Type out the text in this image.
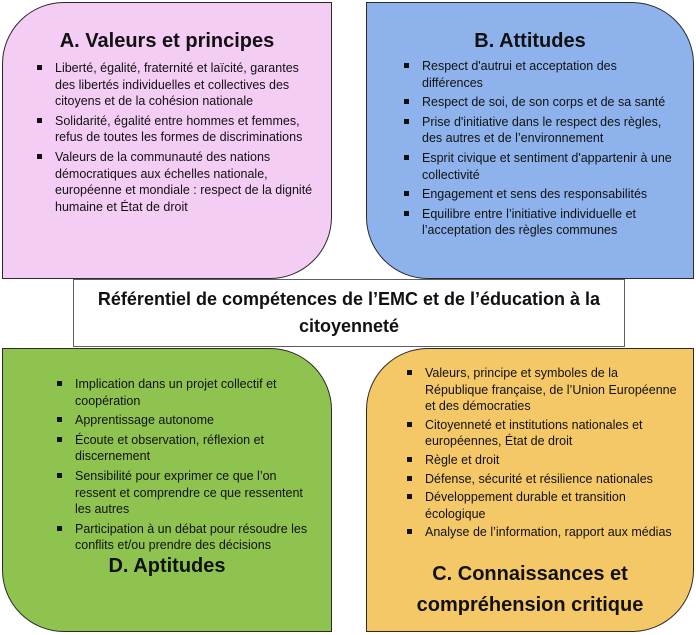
A. Valeurs et principes
Liberté, égalité, fraternité et laïcité, garantes des libertés individuelles et collectives des citoyens et de la cohésion nationale
Solidarité, égalité entre hommes et femmes, refus de toutes les formes de discriminations
Valeurs de la communauté des nations démocratiques aux échelles nationale, européenne et mondiale : respect de la dignité humaine et État de droit
B. Attitudes
Respect d'autrui et acceptation des différences
Respect de soi, de son corps et de sa santé
Prise d'initiative dans le respect des règles, des autres et de l’environnement
Esprit civique et sentiment d'appartenir à une collectivité
Engagement et sens des responsabilités
Equilibre entre l’initiative individuelle et l’acceptation des règles communes
Implication dans un projet collectif et coopération
Apprentissage autonome
Écoute et observation, réflexion et discernement
Sensibilité pour exprimer ce que l’on ressent et comprendre ce que ressentent les autres
Participation à un débat pour résoudre les conflits et/ou prendre des décisions
D. Aptitudes
Valeurs, principe et symboles de la République française, de l’Union Européenne et des démocraties
Citoyenneté et institutions nationales et européennes, État de droit
Règle et droit
Défense, sécurité et résilience nationales
Développement durable et transition écologique
Analyse de l’information, rapport aux médias
C. Connaissances et
compréhension critique
Référentiel de compétences de l’EMC et de l’éducation à la citoyenneté
